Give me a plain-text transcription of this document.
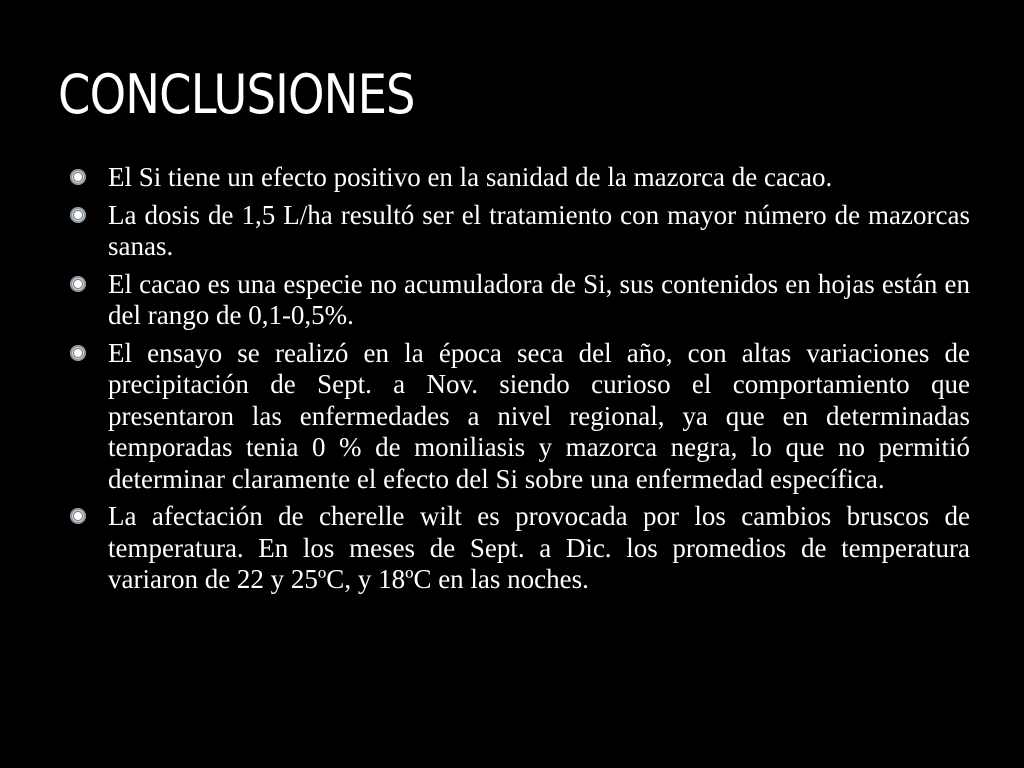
CONCLUSIONES
El Si tiene un efecto positivo en la sanidad de la mazorca de cacao.
La dosis de 1,5 L/ha resultó ser el tratamiento con mayor número de mazorcas sanas.
El cacao es una especie no acumuladora de Si, sus contenidos en hojas están en del rango de 0,1-0,5%.
El ensayo se realizó en la época seca del año, con altas variaciones de precipitación de Sept. a Nov. siendo curioso el comportamiento que presentaron las enfermedades a nivel regional, ya que en determinadas temporadas tenia 0 % de moniliasis y mazorca negra, lo que no permitió determinar claramente el efecto del Si sobre una enfermedad específica.
La afectación de cherelle wilt es provocada por los cambios bruscos de temperatura. En los meses de Sept. a Dic. los promedios de temperatura variaron de 22 y 25ºC, y 18ºC en las noches.
